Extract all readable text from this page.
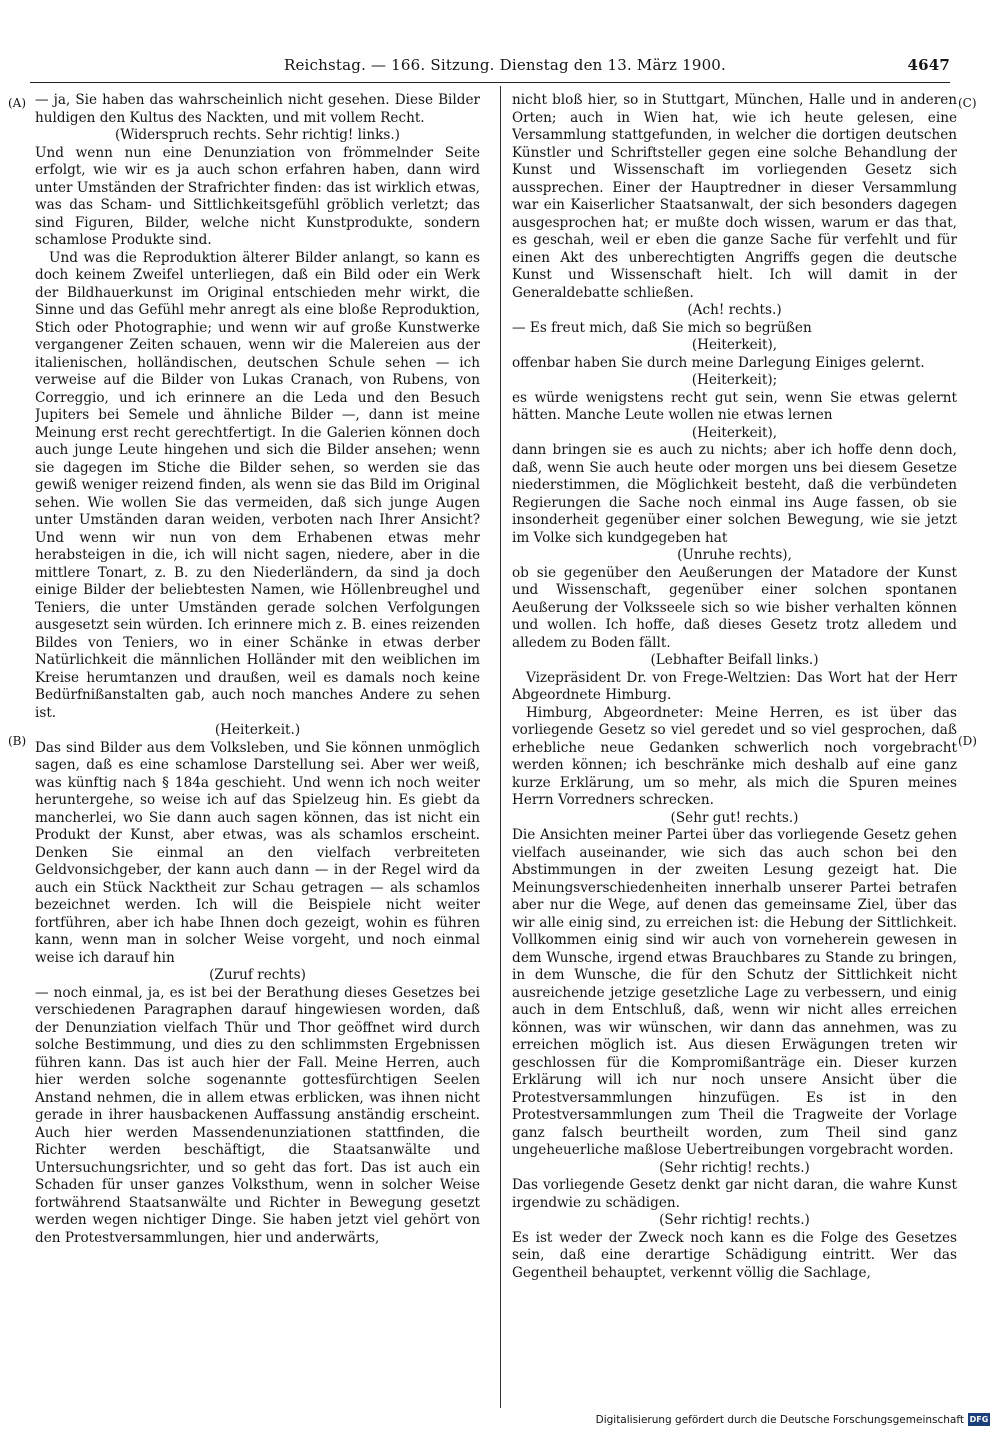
Reichstag. — 166. Sitzung. Dienstag den 13. März 1900.	4647
(A)
(B)
(C)
(D)

— ja, Sie haben das wahrscheinlich nicht gesehen. Diese Bilder huldigen den Kultus des Nackten, und mit vollem Recht.

(Widerspruch rechts. Sehr richtig! links.)

Und wenn nun eine Denunziation von frömmelnder Seite erfolgt, wie wir es ja auch schon erfahren haben, dann wird unter Umständen der Strafrichter finden: das ist wirklich etwas, was das Scham- und Sittlichkeitsgefühl gröblich verletzt; das sind Figuren, Bilder, welche nicht Kunstprodukte, sondern schamlose Produkte sind.

Und was die Reproduktion älterer Bilder anlangt, so kann es doch keinem Zweifel unterliegen, daß ein Bild oder ein Werk der Bildhauerkunst im Original entschieden mehr wirkt, die Sinne und das Gefühl mehr anregt als eine bloße Reproduktion, Stich oder Photographie; und wenn wir auf große Kunstwerke vergangener Zeiten schauen, wenn wir die Malereien aus der italienischen, holländischen, deutschen Schule sehen — ich verweise auf die Bilder von Lukas Cranach, von Rubens, von Correggio, und ich erinnere an die Leda und den Besuch Jupiters bei Semele und ähnliche Bilder —, dann ist meine Meinung erst recht gerechtfertigt. In die Galerien können doch auch junge Leute hingehen und sich die Bilder ansehen; wenn sie dagegen im Stiche die Bilder sehen, so werden sie das gewiß weniger reizend finden, als wenn sie das Bild im Original sehen. Wie wollen Sie das vermeiden, daß sich junge Augen unter Umständen daran weiden, verboten nach Ihrer Ansicht? Und wenn wir nun von dem Erhabenen etwas mehr herabsteigen in die, ich will nicht sagen, niedere, aber in die mittlere Tonart, z. B. zu den Niederländern, da sind ja doch einige Bilder der beliebtesten Namen, wie Höllenbreughel und Teniers, die unter Umständen gerade solchen Verfolgungen ausgesetzt sein würden. Ich erinnere mich z. B. eines reizenden Bildes von Teniers, wo in einer Schänke in etwas derber Natürlichkeit die männlichen Holländer mit den weiblichen im Kreise herumtanzen und draußen, weil es damals noch keine Bedürfnißanstalten gab, auch noch manches Andere zu sehen ist.

(Heiterkeit.)

Das sind Bilder aus dem Volksleben, und Sie können unmöglich sagen, daß es eine schamlose Darstellung sei. Aber wer weiß, was künftig nach § 184a geschieht. Und wenn ich noch weiter heruntergehe, so weise ich auf das Spielzeug hin. Es giebt da mancherlei, wo Sie dann auch sagen können, das ist nicht ein Produkt der Kunst, aber etwas, was als schamlos erscheint. Denken Sie einmal an den vielfach verbreiteten Geldvonsichgeber, der kann auch dann — in der Regel wird da auch ein Stück Nacktheit zur Schau getragen — als schamlos bezeichnet werden. Ich will die Beispiele nicht weiter fortführen, aber ich habe Ihnen doch gezeigt, wohin es führen kann, wenn man in solcher Weise vorgeht, und noch einmal weise ich darauf hin

(Zuruf rechts)

— noch einmal, ja, es ist bei der Berathung dieses Gesetzes bei verschiedenen Paragraphen darauf hingewiesen worden, daß der Denunziation vielfach Thür und Thor geöffnet wird durch solche Bestimmung, und dies zu den schlimmsten Ergebnissen führen kann. Das ist auch hier der Fall. Meine Herren, auch hier werden solche sogenannte gottesfürchtigen Seelen Anstand nehmen, die in allem etwas erblicken, was ihnen nicht gerade in ihrer hausbackenen Auffassung anständig erscheint. Auch hier werden Massendenunziationen stattfinden, die Richter werden beschäftigt, die Staatsanwälte und Untersuchungsrichter, und so geht das fort. Das ist auch ein Schaden für unser ganzes Volksthum, wenn in solcher Weise fortwährend Staatsanwälte und Richter in Bewegung gesetzt werden wegen nichtiger Dinge. Sie haben jetzt viel gehört von den Protestversammlungen, hier und anderwärts,

nicht bloß hier, so in Stuttgart, München, Halle und in anderen Orten; auch in Wien hat, wie ich heute gelesen, eine Versammlung stattgefunden, in welcher die dortigen deutschen Künstler und Schriftsteller gegen eine solche Behandlung der Kunst und Wissenschaft im vorliegenden Gesetz sich aussprechen. Einer der Hauptredner in dieser Versammlung war ein Kaiserlicher Staatsanwalt, der sich besonders dagegen ausgesprochen hat; er mußte doch wissen, warum er das that, es geschah, weil er eben die ganze Sache für verfehlt und für einen Akt des unberechtigten Angriffs gegen die deutsche Kunst und Wissenschaft hielt. Ich will damit in der Generaldebatte schließen.

(Ach! rechts.)

— Es freut mich, daß Sie mich so begrüßen

(Heiterkeit),

offenbar haben Sie durch meine Darlegung Einiges gelernt.

(Heiterkeit);

es würde wenigstens recht gut sein, wenn Sie etwas gelernt hätten. Manche Leute wollen nie etwas lernen

(Heiterkeit),

dann bringen sie es auch zu nichts; aber ich hoffe denn doch, daß, wenn Sie auch heute oder morgen uns bei diesem Gesetze niederstimmen, die Möglichkeit besteht, daß die verbündeten Regierungen die Sache noch einmal ins Auge fassen, ob sie insonderheit gegenüber einer solchen Bewegung, wie sie jetzt im Volke sich kundgegeben hat

(Unruhe rechts),

ob sie gegenüber den Aeußerungen der Matadore der Kunst und Wissenschaft, gegenüber einer solchen spontanen Aeußerung der Volksseele sich so wie bisher verhalten können und wollen. Ich hoffe, daß dieses Gesetz trotz alledem und alledem zu Boden fällt.

(Lebhafter Beifall links.)

Vizepräsident Dr. von Frege-Weltzien: Das Wort hat der Herr Abgeordnete Himburg.

Himburg, Abgeordneter: Meine Herren, es ist über das vorliegende Gesetz so viel geredet und so viel gesprochen, daß erhebliche neue Gedanken schwerlich noch vorgebracht werden können; ich beschränke mich deshalb auf eine ganz kurze Erklärung, um so mehr, als mich die Spuren meines Herrn Vorredners schrecken.

(Sehr gut! rechts.)

Die Ansichten meiner Partei über das vorliegende Gesetz gehen vielfach auseinander, wie sich das auch schon bei den Abstimmungen in der zweiten Lesung gezeigt hat. Die Meinungsverschiedenheiten innerhalb unserer Partei betrafen aber nur die Wege, auf denen das gemeinsame Ziel, über das wir alle einig sind, zu erreichen ist: die Hebung der Sittlichkeit. Vollkommen einig sind wir auch von vorneherein gewesen in dem Wunsche, irgend etwas Brauchbares zu Stande zu bringen, in dem Wunsche, die für den Schutz der Sittlichkeit nicht ausreichende jetzige gesetzliche Lage zu verbessern, und einig auch in dem Entschluß, daß, wenn wir nicht alles erreichen können, was wir wünschen, wir dann das annehmen, was zu erreichen möglich ist. Aus diesen Erwägungen treten wir geschlossen für die Kompromißanträge ein. Dieser kurzen Erklärung will ich nur noch unsere Ansicht über die Protestversammlungen hinzufügen. Es ist in den Protestversammlungen zum Theil die Tragweite der Vorlage ganz falsch beurtheilt worden, zum Theil sind ganz ungeheuerliche maßlose Uebertreibungen vorgebracht worden.

(Sehr richtig! rechts.)

Das vorliegende Gesetz denkt gar nicht daran, die wahre Kunst irgendwie zu schädigen.

(Sehr richtig! rechts.)

Es ist weder der Zweck noch kann es die Folge des Gesetzes sein, daß eine derartige Schädigung eintritt. Wer das Gegentheil behauptet, verkennt völlig die Sachlage,

Digitalisierung gefördert durch die Deutsche Forschungsgemeinschaft DFG
